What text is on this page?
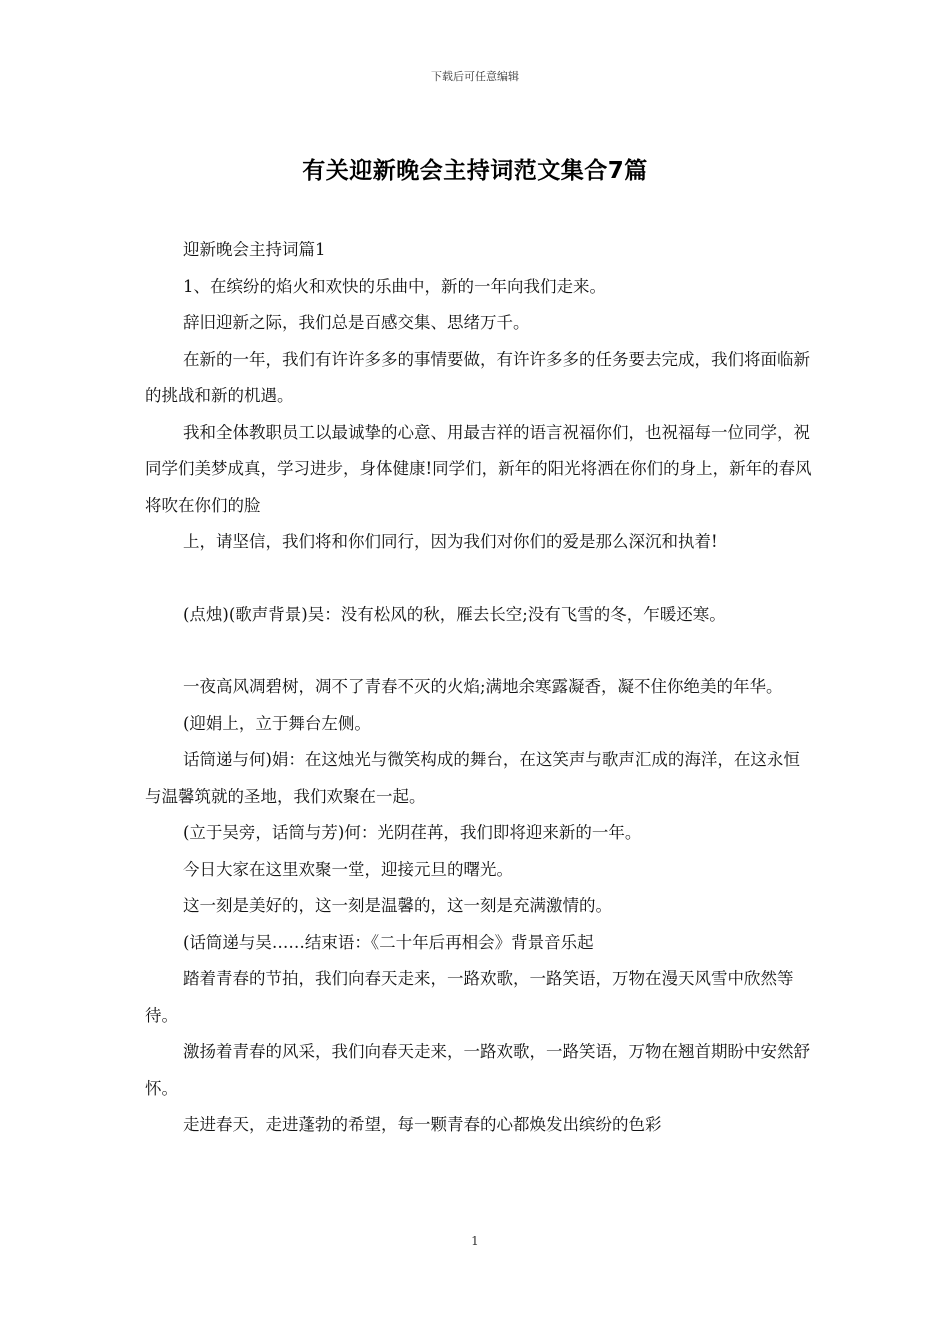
下载后可任意编辑
有关迎新晚会主持词范文集合7篇

迎新晚会主持词篇1

1、在缤纷的焰火和欢快的乐曲中，新的一年向我们走来。

辞旧迎新之际，我们总是百感交集、思绪万千。

在新的一年，我们有许许多多的事情要做，有许许多多的任务要去完成，我们将面临新的挑战和新的机遇。

我和全体教职员工以最诚挚的心意、用最吉祥的语言祝福你们，也祝福每一位同学，祝同学们美梦成真，学习进步，身体健康!同学们，新年的阳光将洒在你们的身上，新年的春风将吹在你们的脸

上，请坚信，我们将和你们同行，因为我们对你们的爱是那么深沉和执着!

(点烛)(歌声背景)吴：没有松风的秋，雁去长空;没有飞雪的冬，乍暖还寒。

一夜高风凋碧树，凋不了青春不灭的火焰;满地余寒露凝香，凝不住你绝美的年华。

(迎娟上，立于舞台左侧。

话筒递与何)娟：在这烛光与微笑构成的舞台，在这笑声与歌声汇成的海洋，在这永恒与温馨筑就的圣地，我们欢聚在一起。

(立于吴旁，话筒与芳)何：光阴荏苒，我们即将迎来新的一年。

今日大家在这里欢聚一堂，迎接元旦的曙光。

这一刻是美好的，这一刻是温馨的，这一刻是充满激情的。

(话筒递与吴……结束语：《二十年后再相会》背景音乐起

踏着青春的节拍，我们向春天走来，一路欢歌，一路笑语，万物在漫天风雪中欣然等待。

激扬着青春的风采，我们向春天走来，一路欢歌，一路笑语，万物在翘首期盼中安然舒怀。

走进春天，走进蓬勃的希望，每一颗青春的心都焕发出缤纷的色彩

1
